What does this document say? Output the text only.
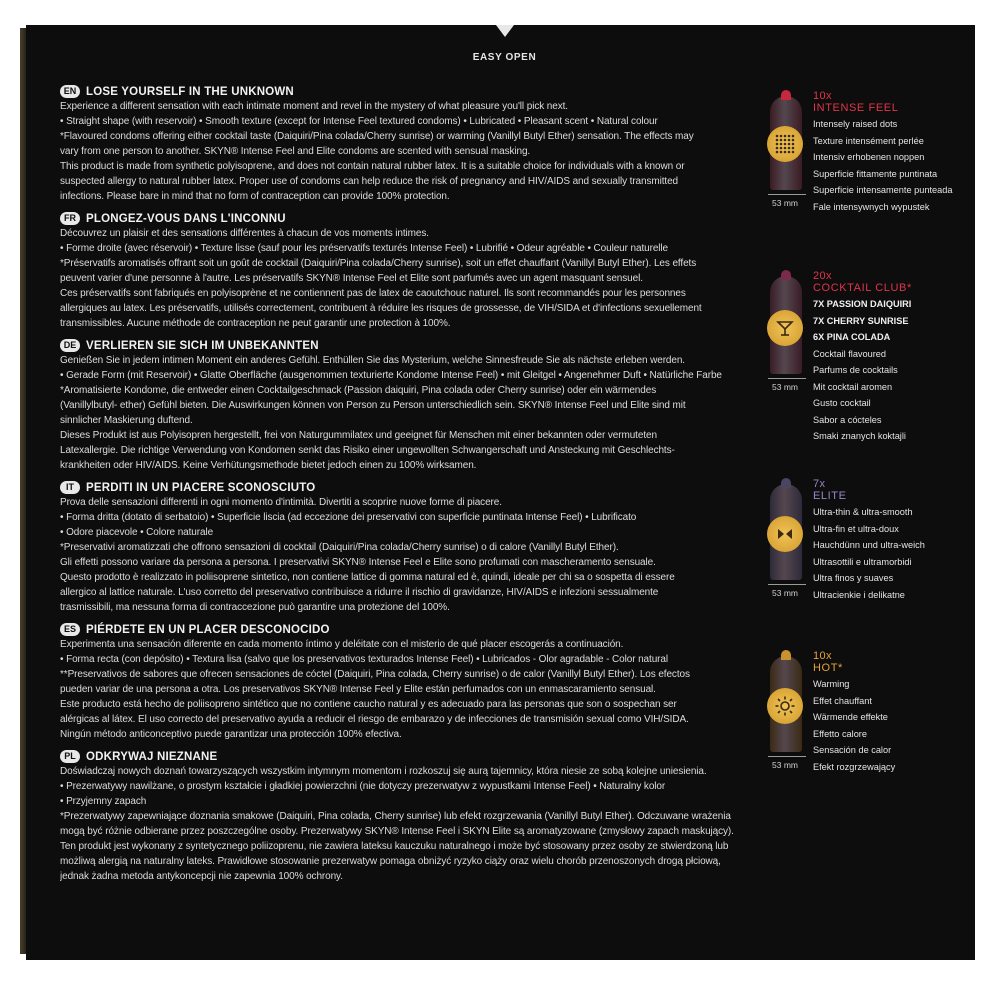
EASY OPEN
EN LOSE YOURSELF IN THE UNKNOWN
Experience a different sensation with each intimate moment and revel in the mystery of what pleasure you'll pick next.
• Straight shape (with reservoir) • Smooth texture (except for Intense Feel textured condoms) • Lubricated • Pleasant scent • Natural colour
*Flavoured condoms offering either cocktail taste (Daiquiri/Pina colada/Cherry sunrise) or warming (Vanillyl Butyl Ether) sensation. The effects may
vary from one person to another. SKYN® Intense Feel and Elite condoms are scented with sensual masking.
This product is made from synthetic polyisoprene, and does not contain natural rubber latex. It is a suitable choice for individuals with a known or
suspected allergy to natural rubber latex. Proper use of condoms can help reduce the risk of pregnancy and HIV/AIDS and sexually transmitted
infections. Please bare in mind that no form of contraception can provide 100% protection.
FR PLONGEZ-VOUS DANS L'INCONNU
Découvrez un plaisir et des sensations différentes à chacun de vos moments intimes.
• Forme droite (avec réservoir) • Texture lisse (sauf pour les préservatifs texturés Intense Feel) • Lubrifié • Odeur agréable • Couleur naturelle
*Préservatifs aromatisés offrant soit un goût de cocktail (Daiquiri/Pina colada/Cherry sunrise), soit un effet chauffant (Vanillyl Butyl Ether). Les effets
peuvent varier d'une personne à l'autre. Les préservatifs SKYN® Intense Feel et Elite sont parfumés avec un agent masquant sensuel.
Ces préservatifs sont fabriqués en polyisoprène et ne contiennent pas de latex de caoutchouc naturel. Ils sont recommandés pour les personnes
allergiques au latex. Les préservatifs, utilisés correctement, contribuent à réduire les risques de grossesse, de VIH/SIDA et d'infections sexuellement
transmissibles. Aucune méthode de contraception ne peut garantir une protection à 100%.
DE VERLIEREN SIE SICH IM UNBEKANNTEN
Genießen Sie in jedem intimen Moment ein anderes Gefühl. Enthüllen Sie das Mysterium, welche Sinnesfreude Sie als nächste erleben werden.
• Gerade Form (mit Reservoir) • Glatte Oberfläche (ausgenommen texturierte Kondome Intense Feel) • mit Gleitgel • Angenehmer Duft • Natürliche Farbe
*Aromatisierte Kondome, die entweder einen Cocktailgeschmack (Passion daiquiri, Pina colada oder Cherry sunrise) oder ein wärmendes
(Vanillylbutyl- ether) Gefühl bieten. Die Auswirkungen können von Person zu Person unterschiedlich sein. SKYN® Intense Feel und Elite sind mit
sinnlicher Maskierung duftend.
Dieses Produkt ist aus Polyisopren hergestellt, frei von Naturgummilatex und geeignet für Menschen mit einer bekannten oder vermuteten
Latexallergie. Die richtige Verwendung von Kondomen senkt das Risiko einer ungewollten Schwangerschaft und Ansteckung mit Geschlechts-
krankheiten oder HIV/AIDS. Keine Verhütungsmethode bietet jedoch einen zu 100% wirksamen.
IT	PERDITI IN UN PIACERE SCONOSCIUTO
Prova delle sensazioni differenti in ogni momento d'intimità. Divertiti a scoprire nuove forme di piacere.
• Forma dritta (dotato di serbatoio) • Superficie liscia (ad eccezione dei preservativi con superficie puntinata Intense Feel) • Lubrificato
• Odore piacevole • Colore naturale
*Preservativi aromatizzati che offrono sensazioni di cocktail (Daiquiri/Pina colada/Cherry sunrise) o di calore (Vanillyl Butyl Ether).
Gli effetti possono variare da persona a persona. I preservativi SKYN® Intense Feel e Elite sono profumati con mascheramento sensuale.
Questo prodotto è realizzato in poliisoprene sintetico, non contiene lattice di gomma natural ed è, quindi, ideale per chi sa o sospetta di essere
allergico al lattice naturale. L'uso corretto del preservativo contribuisce a ridurre il rischio di gravidanze, HIV/AIDS e infezioni sessualmente
trasmissibili, ma nessuna forma di contraccezione può garantire una protezione del 100%.
ES PIÉRDETE EN UN PLACER DESCONOCIDO
Experimenta una sensación diferente en cada momento íntimo y deléitate con el misterio de qué placer escogerás a continuación.
• Forma recta (con depósito) • Textura lisa (salvo que los preservativos texturados Intense Feel) • Lubricados - Olor agradable - Color natural
**Preservativos de sabores que ofrecen sensaciones de cóctel (Daiquiri, Pina colada, Cherry sunrise) o de calor (Vanillyl Butyl Ether). Los efectos
pueden variar de una persona a otra. Los preservativos SKYN® Intense Feel y Elite están perfumados con un enmascaramiento sensual.
Este producto está hecho de poliisopreno sintético que no contiene caucho natural y es adecuado para las personas que son o sospechan ser
alérgicas al látex. El uso correcto del preservativo ayuda a reducir el riesgo de embarazo y de infecciones de transmisión sexual como VIH/SIDA.
Ningún método anticonceptivo puede garantizar una protección 100% efectiva.
PL ODKRYWAJ NIEZNANE
Doświadczaj nowych doznań towarzyszących wszystkim intymnym momentom i rozkoszuj się aurą tajemnicy, która niesie ze sobą kolejne uniesienia.
• Prezerwatywy nawilżane, o prostym kształcie i gładkiej powierzchni (nie dotyczy prezerwatyw z wypustkami Intense Feel) • Naturalny kolor
• Przyjemny zapach
*Prezerwatywy zapewniające doznania smakowe (Daiquiri, Pina colada, Cherry sunrise) lub efekt rozgrzewania (Vanillyl Butyl Ether). Odczuwane wrażenia
mogą być różnie odbierane przez poszczególne osoby. Prezerwatywy SKYN® Intense Feel i SKYN Elite są aromatyzowane (zmysłowy zapach maskujący).
Ten produkt jest wykonany z syntetycznego poliizoprenu, nie zawiera lateksu kauczuku naturalnego i może być stosowany przez osoby ze stwierdzoną lub
możliwą alergią na naturalny lateks. Prawidłowe stosowanie prezerwatyw pomaga obniżyć ryzyko ciąży oraz wielu chorób przenoszonych drogą płciową,
jednak żadna metoda antykoncepcji nie zapewnia 100% ochrony.
53 mm
10x
INTENSE FEEL
Intensely raised dots
Texture intensément perlée
Intensiv erhobenen noppen
Superficie fittamente puntinata
Superficie intensamente punteada
Fale intensywnych wypustek
53 mm
20x
COCKTAIL CLUB*
7X PASSION DAIQUIRI
7X CHERRY SUNRISE
6X PINA COLADA
Cocktail flavoured
Parfums de cocktails
Mit cocktail aromen
Gusto cocktail
Sabor a cócteles
Smaki znanych koktajli
53 mm
7x
ELITE
Ultra-thin & ultra-smooth
Ultra-fin et ultra-doux
Hauchdünn und ultra-weich
Ultrasottili e ultramorbidi
Ultra finos y suaves
Ultracienkie i delikatne
53 mm
10x
HOT*
Warming
Effet chauffant
Wärmende effekte
Effetto calore
Sensación de calor
Efekt rozgrzewający
